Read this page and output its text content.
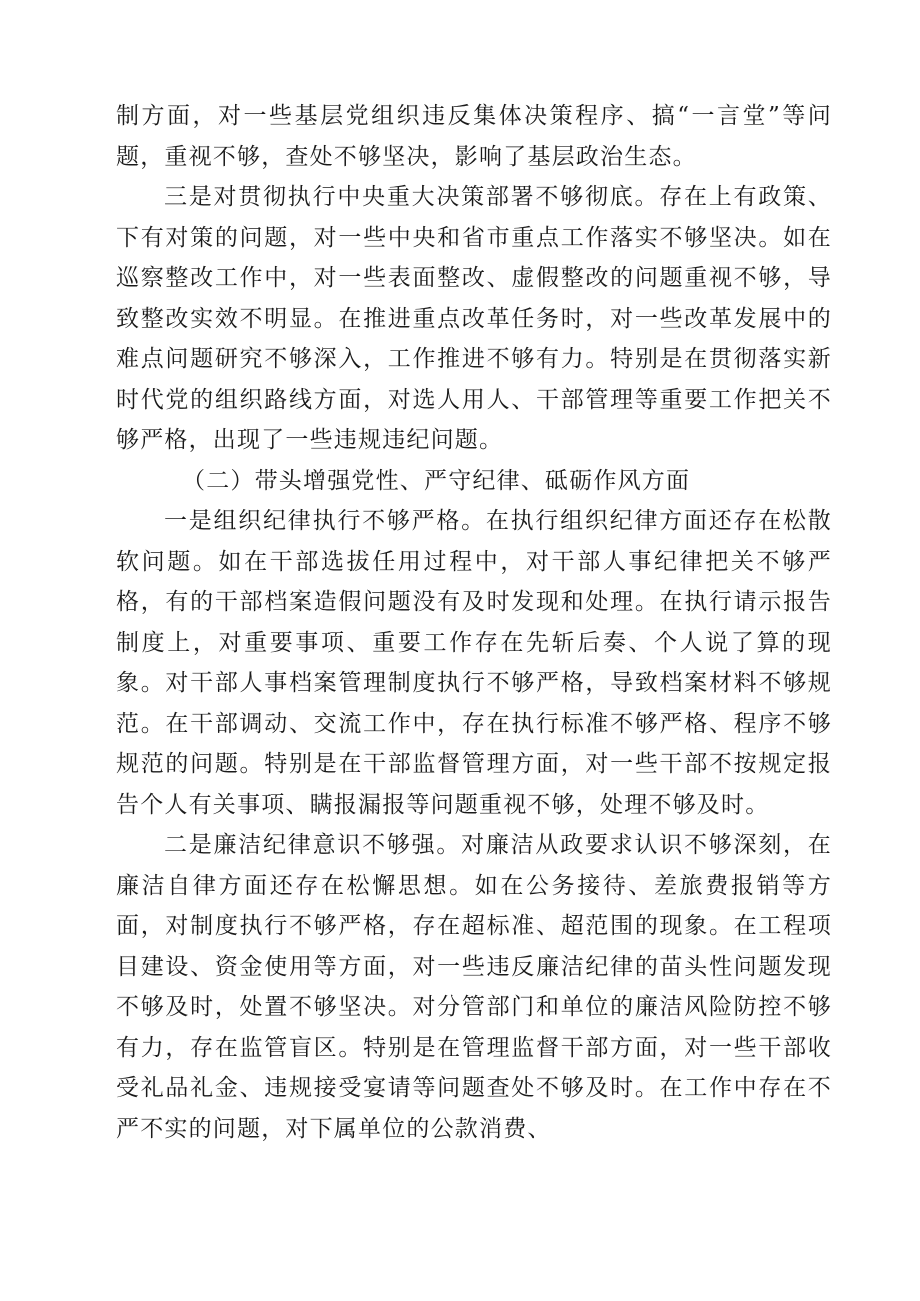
制方面，对一些基层党组织违反集体决策程序、搞“一言堂”等问题，重视不够，查处不够坚决，影响了基层政治生态。

三是对贯彻执行中央重大决策部署不够彻底。存在上有政策、下有对策的问题，对一些中央和省市重点工作落实不够坚决。如在巡察整改工作中，对一些表面整改、虚假整改的问题重视不够，导致整改实效不明显。在推进重点改革任务时，对一些改革发展中的难点问题研究不够深入，工作推进不够有力。特别是在贯彻落实新时代党的组织路线方面，对选人用人、干部管理等重要工作把关不够严格，出现了一些违规违纪问题。

（二）带头增强党性、严守纪律、砥砺作风方面

一是组织纪律执行不够严格。在执行组织纪律方面还存在松散软问题。如在干部选拔任用过程中，对干部人事纪律把关不够严格，有的干部档案造假问题没有及时发现和处理。在执行请示报告制度上，对重要事项、重要工作存在先斩后奏、个人说了算的现象。对干部人事档案管理制度执行不够严格，导致档案材料不够规范。在干部调动、交流工作中，存在执行标准不够严格、程序不够规范的问题。特别是在干部监督管理方面，对一些干部不按规定报告个人有关事项、瞒报漏报等问题重视不够，处理不够及时。

二是廉洁纪律意识不够强。对廉洁从政要求认识不够深刻，在廉洁自律方面还存在松懈思想。如在公务接待、差旅费报销等方面，对制度执行不够严格，存在超标准、超范围的现象。在工程项目建设、资金使用等方面，对一些违反廉洁纪律的苗头性问题发现不够及时，处置不够坚决。对分管部门和单位的廉洁风险防控不够有力，存在监管盲区。特别是在管理监督干部方面，对一些干部收受礼品礼金、违规接受宴请等问题查处不够及时。在工作中存在不严不实的问题，对下属单位的公款消费、
